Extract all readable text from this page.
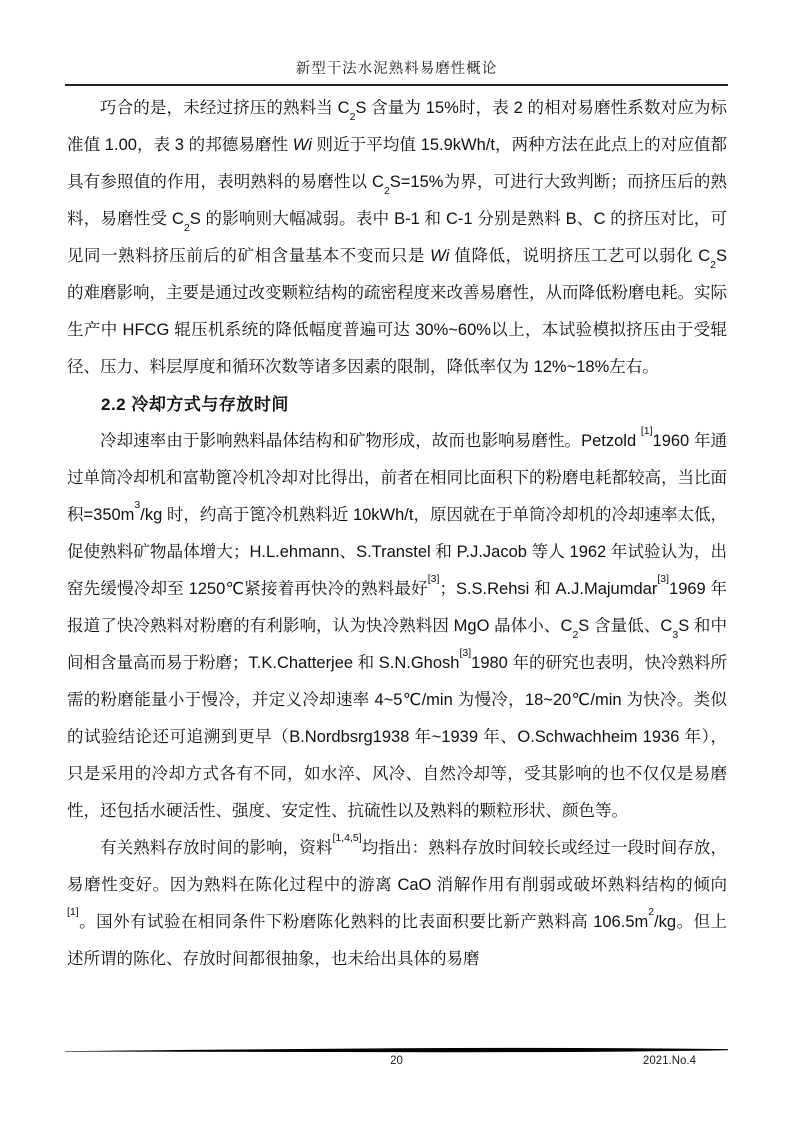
新型干法水泥熟料易磨性概论

巧合的是，未经过挤压的熟料当 $C_2S$ 含量为 15%时，表 2 的相对易磨性系数对应为标准值 1.00，表 3 的邦德易磨性 Wi 则近于平均值 15.9kWh/t，两种方法在此点上的对应值都具有参照值的作用，表明熟料的易磨性以 $C_2S=15\%$为界，可进行大致判断；而挤压后的熟料，易磨性受 $C_2S$ 的影响则大幅减弱。表中 B-1 和 C-1 分别是熟料 B、C 的挤压对比，可见同一熟料挤压前后的矿相含量基本不变而只是 Wi 值降低，说明挤压工艺可以弱化 $C_2S$ 的难磨影响，主要是通过改变颗粒结构的疏密程度来改善易磨性，从而降低粉磨电耗。实际生产中 HFCG 辊压机系统的降低幅度普遍可达 30%~60%以上，本试验模拟挤压由于受辊径、压力、料层厚度和循环次数等诸多因素的限制，降低率仅为 12%~18%左右。

2.2 冷却方式与存放时间

冷却速率由于影响熟料晶体结构和矿物形成，故而也影响易磨性。Petzold [1]1960 年通过单筒冷却机和富勒篦冷机冷却对比得出，前者在相同比面积下的粉磨电耗都较高，当比面积$=350m^3/kg$ 时，约高于篦冷机熟料近 10kWh/t，原因就在于单筒冷却机的冷却速率太低，促使熟料矿物晶体增大；H.L.ehmann、S.Transtel 和 P.J.Jacob 等人 1962 年试验认为，出窑先缓慢冷却至 1250℃紧接着再快冷的熟料最好[3]；S.S.Rehsi 和 A.J.Majumdar[3]1969 年报道了快冷熟料对粉磨的有利影响，认为快冷熟料因 MgO 晶体小、$C_2S$ 含量低、$C_3S$ 和中间相含量高而易于粉磨；T.K.Chatterjee 和 S.N.Ghosh[3]1980 年的研究也表明，快冷熟料所需的粉磨能量小于慢冷，并定义冷却速率 4~5℃/min 为慢冷，18~20℃/min 为快冷。类似的试验结论还可追溯到更早（B.Nordbsrg1938 年~1939 年、O.Schwachheim 1936 年），只是采用的冷却方式各有不同，如水淬、风冷、自然冷却等，受其影响的也不仅仅是易磨性，还包括水硬活性、强度、安定性、抗硫性以及熟料的颗粒形状、颜色等。

有关熟料存放时间的影响，资料[1,4,5]均指出：熟料存放时间较长或经过一段时间存放，易磨性变好。因为熟料在陈化过程中的游离 CaO 消解作用有削弱或破坏熟料结构的倾向[1]。国外有试验在相同条件下粉磨陈化熟料的比表面积要比新产熟料高 $106.5m^2/kg$。但上述所谓的陈化、存放时间都很抽象，也未给出具体的易磨

20	2021.No.4
